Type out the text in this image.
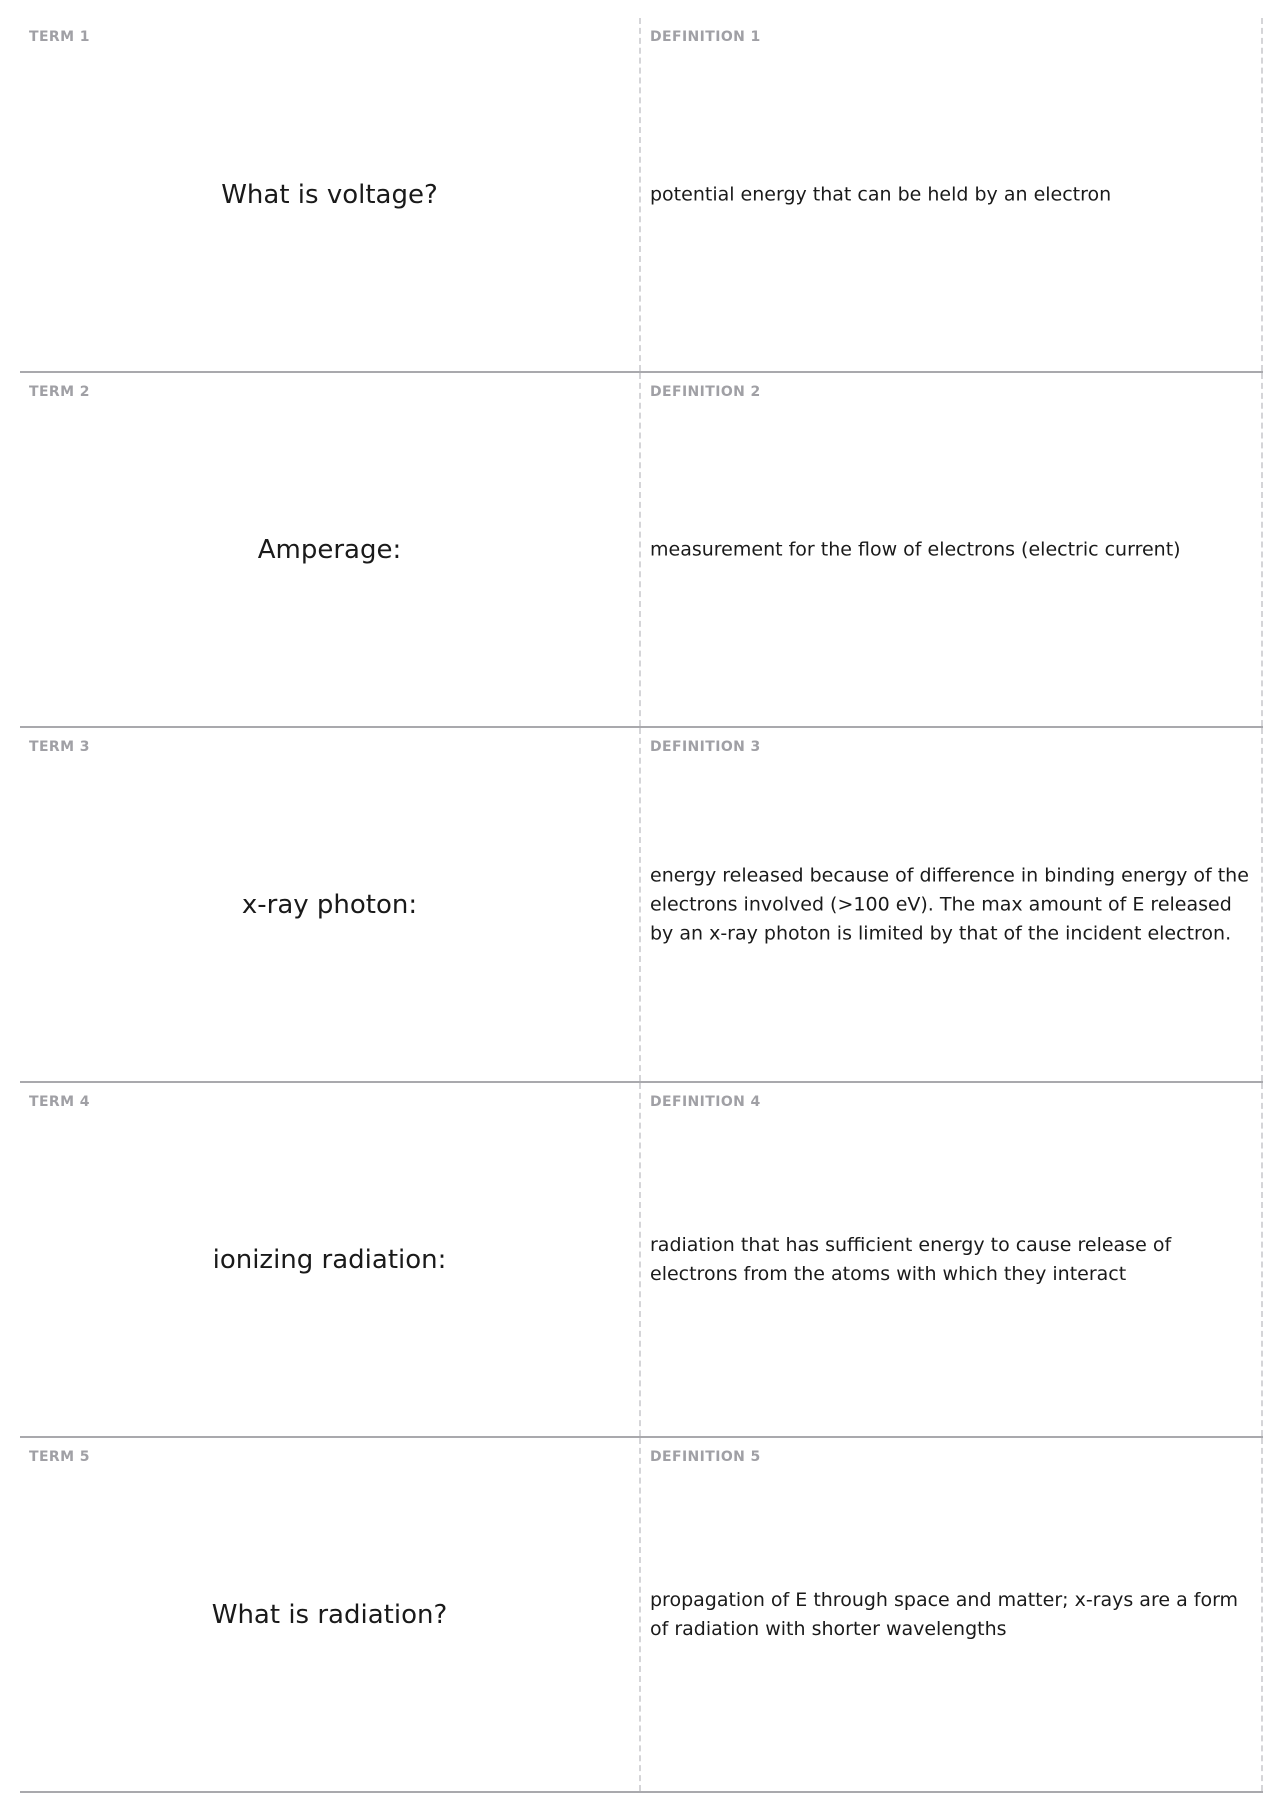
TERM 1
What is voltage?
DEFINITION 1
potential energy that can be held by an electron
TERM 2
Amperage:
DEFINITION 2
measurement for the flow of electrons (electric current)
TERM 3
x-ray photon:
DEFINITION 3
energy released because of difference in binding energy of the electrons involved (>100 eV). The max amount of E released by an x-ray photon is limited by that of the incident electron.
TERM 4
ionizing radiation:
DEFINITION 4
radiation that has sufficient energy to cause release of electrons from the atoms with which they interact
TERM 5
What is radiation?
DEFINITION 5
propagation of E through space and matter; x-rays are a form of radiation with shorter wavelengths
